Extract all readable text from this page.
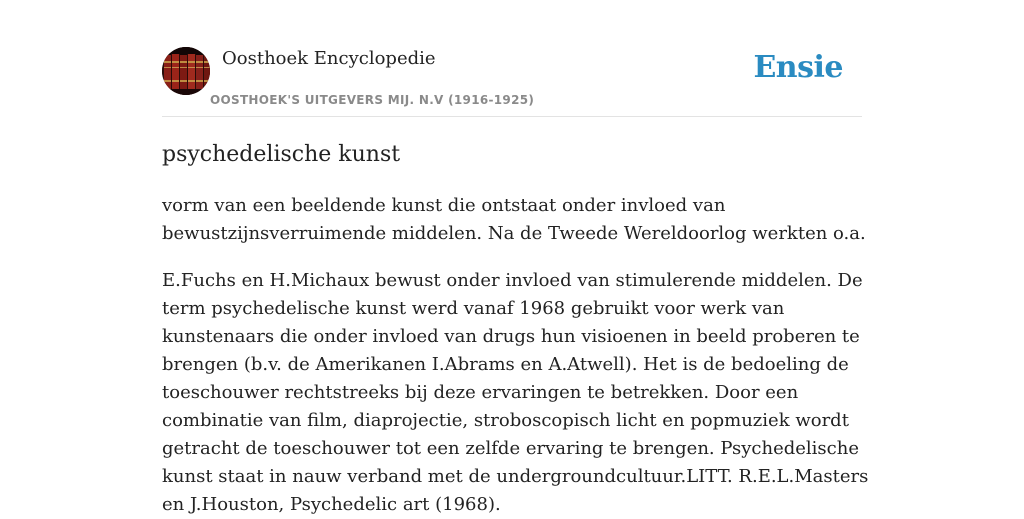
Oosthoek Encyclopedie
OOSTHOEK'S UITGEVERS MIJ. N.V (1916-1925)
Ensie
psychedelische kunst

vorm van een beeldende kunst die ontstaat onder invloed van bewustzijnsverruimende middelen. Na de Tweede Wereldoorlog werkten o.a.

E.Fuchs en H.Michaux bewust onder invloed van stimulerende middelen. De term psychedelische kunst werd vanaf 1968 gebruikt voor werk van kunstenaars die onder invloed van drugs hun visioenen in beeld proberen te brengen (b.v. de Amerikanen I.Abrams en A.Atwell). Het is de bedoeling de toeschouwer rechtstreeks bij deze ervaringen te betrekken. Door een combinatie van film, diaprojectie, stroboscopisch licht en popmuziek wordt getracht de toeschouwer tot een zelfde ervaring te brengen. Psychedelische kunst staat in nauw verband met de undergroundcultuur.LITT. R.E.L.Masters en J.Houston, Psychedelic art (1968).
